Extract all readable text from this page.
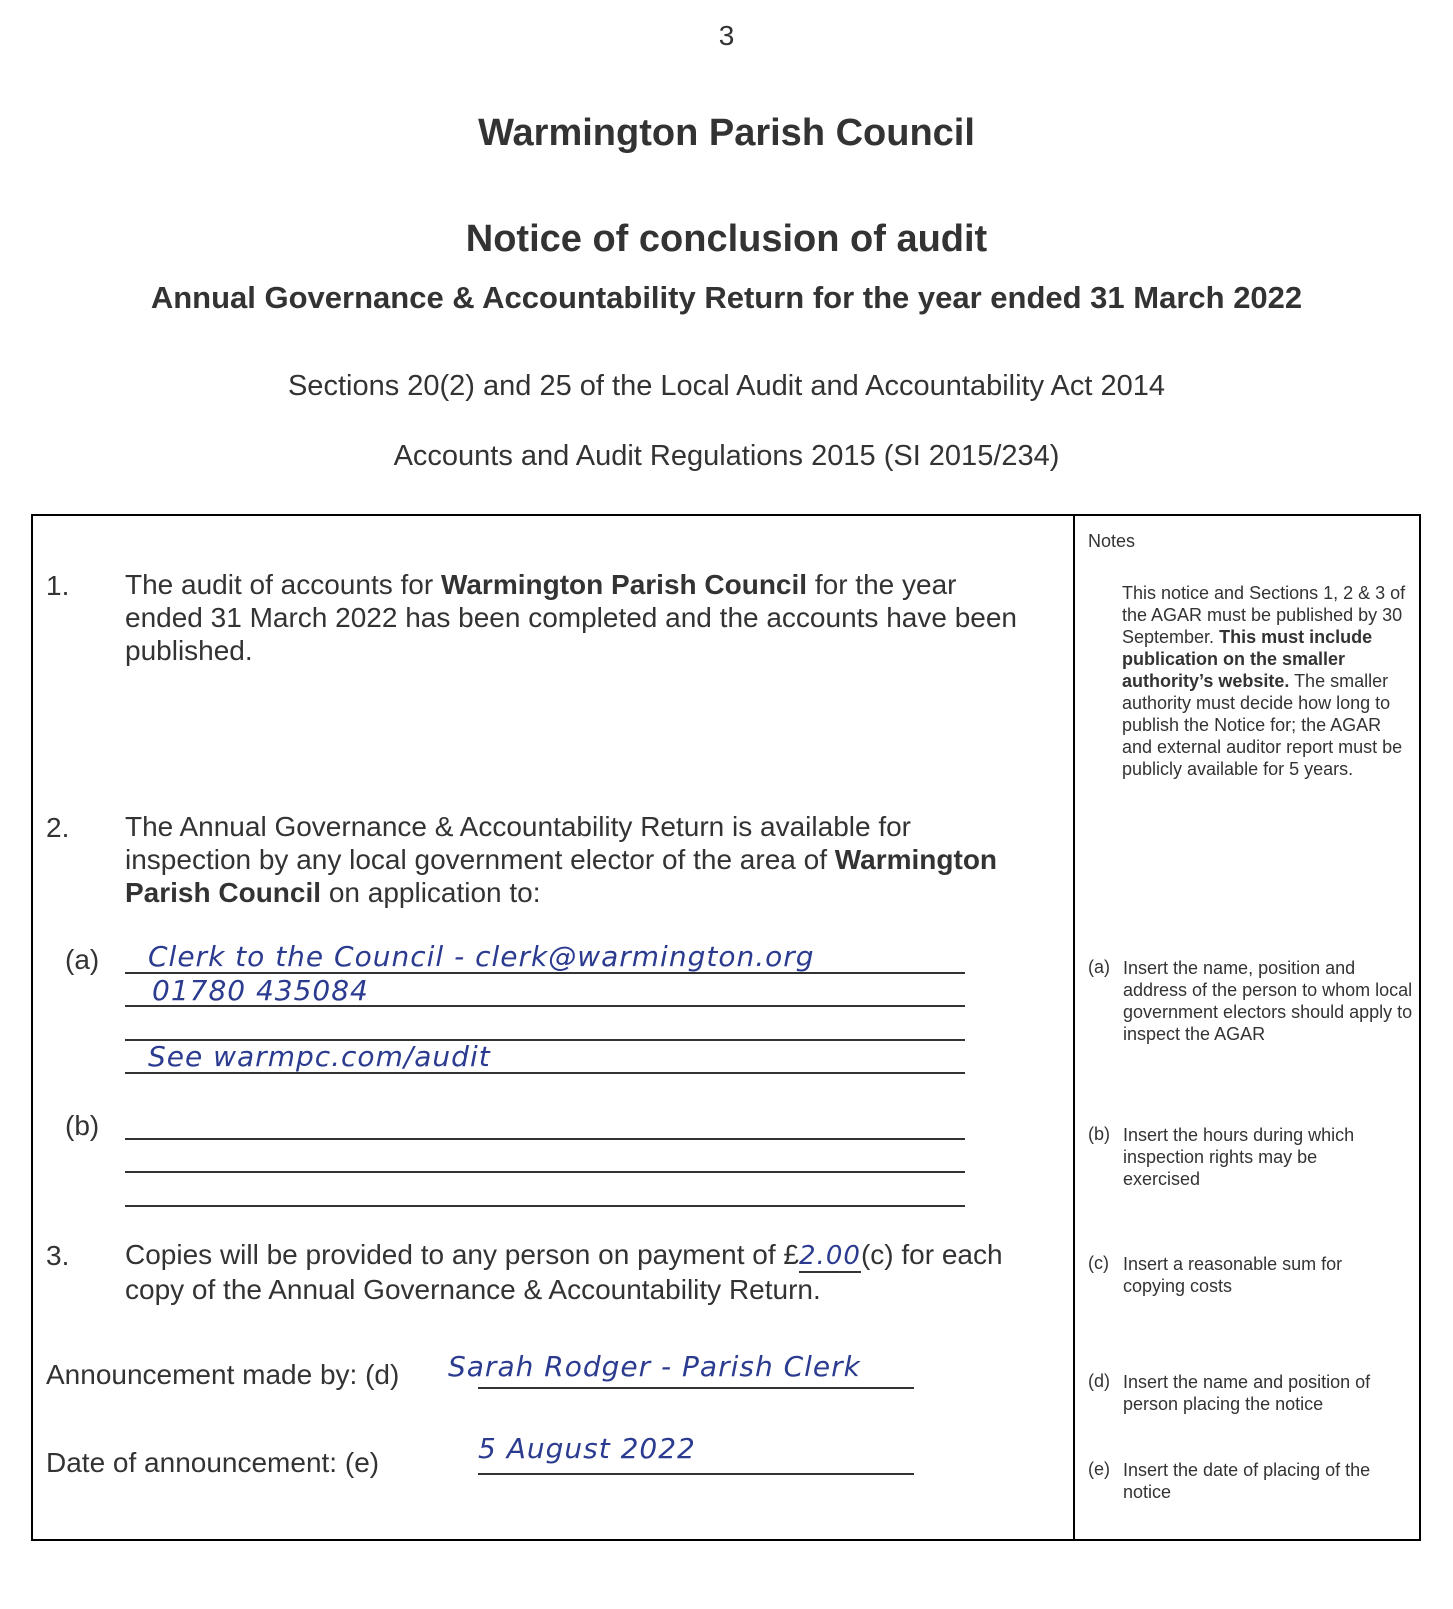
3
Warmington Parish Council
Notice of conclusion of audit
Annual Governance & Accountability Return for the year ended 31 March 2022
Sections 20(2) and 25 of the Local Audit and Accountability Act 2014
Accounts and Audit Regulations 2015 (SI 2015/234)
1. The audit of accounts for Warmington Parish Council for the year
ended 31 March 2022 has been completed and the accounts have been
published.
2. The Annual Governance & Accountability Return is available for
inspection by any local government elector of the area of Warmington
Parish Council on application to:
(a) Clerk to the Council - clerk@warmington.org
01780 435084
See warmpc.com/audit
(b)
3. Copies will be provided to any person on payment of £2.00(c) for each
copy of the Annual Governance & Accountability Return.
Announcement made by: (d) Sarah Rodger - Parish Clerk
Date of announcement: (e)	5 August 2022
Notes
This notice and Sections 1, 2 & 3 of the AGAR must be published by 30 September. This must include publication on the smaller authority’s website. The smaller authority must decide how long to publish the Notice for; the AGAR and external auditor report must be publicly available for 5 years.
(a) Insert the name, position and address of the person to whom local government electors should apply to inspect the AGAR
(b) Insert the hours during which inspection rights may be exercised
(c) Insert a reasonable sum for copying costs
(d) Insert the name and position of person placing the notice
(e) Insert the date of placing of the notice
